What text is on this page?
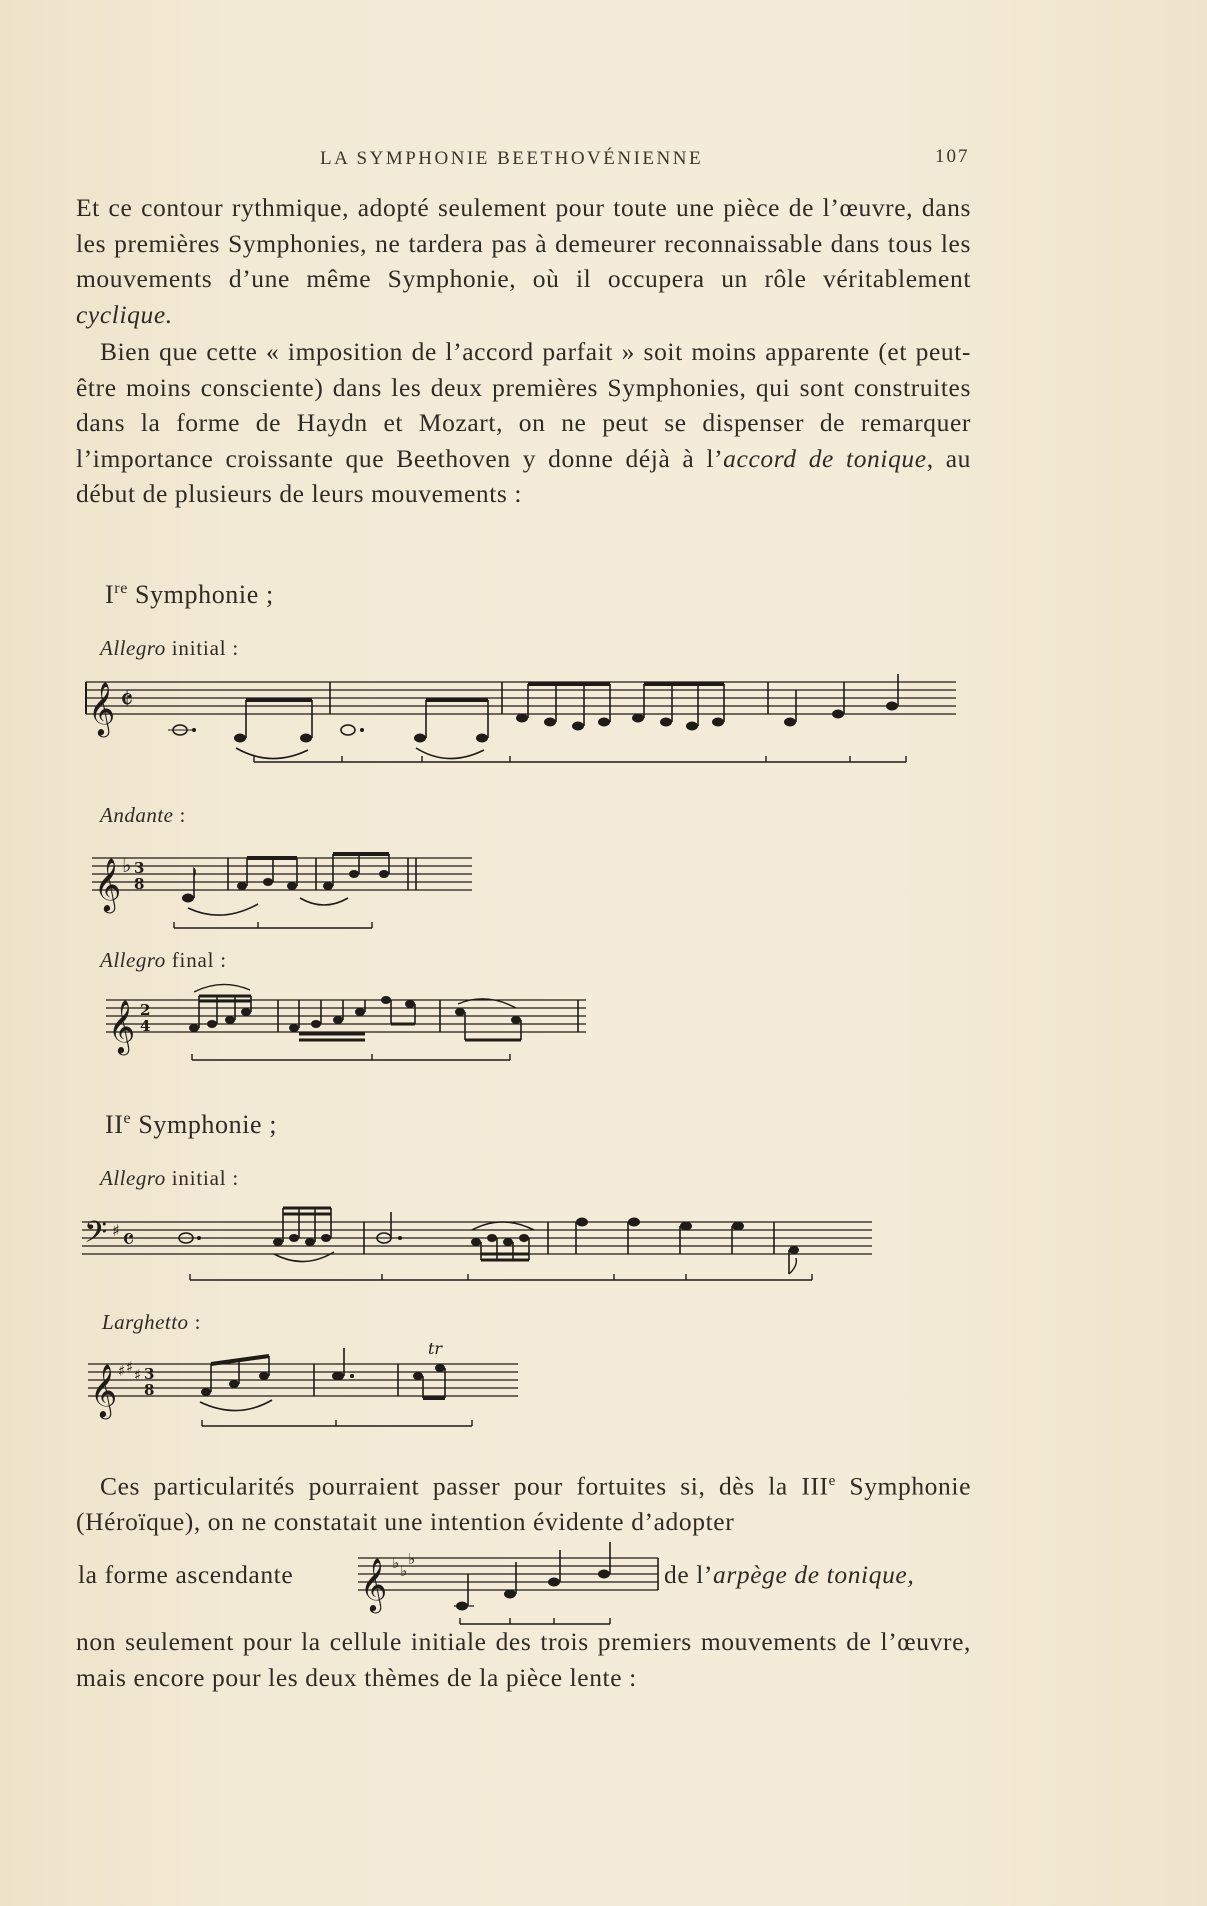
LA SYMPHONIE BEETHOVÉNIENNE	107
Et ce contour rythmique, adopté seulement pour toute une pièce de l’œuvre, dans les premières Symphonies, ne tardera pas à demeurer reconnaissable dans tous les mouvements d’une même Symphonie, où il occupera un rôle véritablement cyclique.
Bien que cette « imposition de l’accord parfait » soit moins apparente (et peut-être moins consciente) dans les deux premières Symphonies, qui sont construites dans la forme de Haydn et Mozart, on ne peut se dispenser de remarquer l’importance croissante que Beethoven y donne déjà à l’accord de tonique, au début de plusieurs de leurs mouvements :
Ire Symphonie ;
Allegro initial :
𝄞 𝄵
Andante :
𝄞 ♭ 3
8 ⁾
Allegro final :
𝄞 2
4
IIe Symphonie ;
Allegro initial :
𝄢 ♯ 𝄴
Larghetto :
𝄞 ♯ ♯ ♯ 3
8
tr
Ces particularités pourraient passer pour fortuites si, dès la IIIe Symphonie (Héroïque), on ne constatait une intention évidente d’adopter
la forme ascendante	de l’arpège de tonique,
𝄞 ♭ ♭
♭
non seulement pour la cellule initiale des trois premiers mouvements de l’œuvre, mais encore pour les deux thèmes de la pièce lente :
